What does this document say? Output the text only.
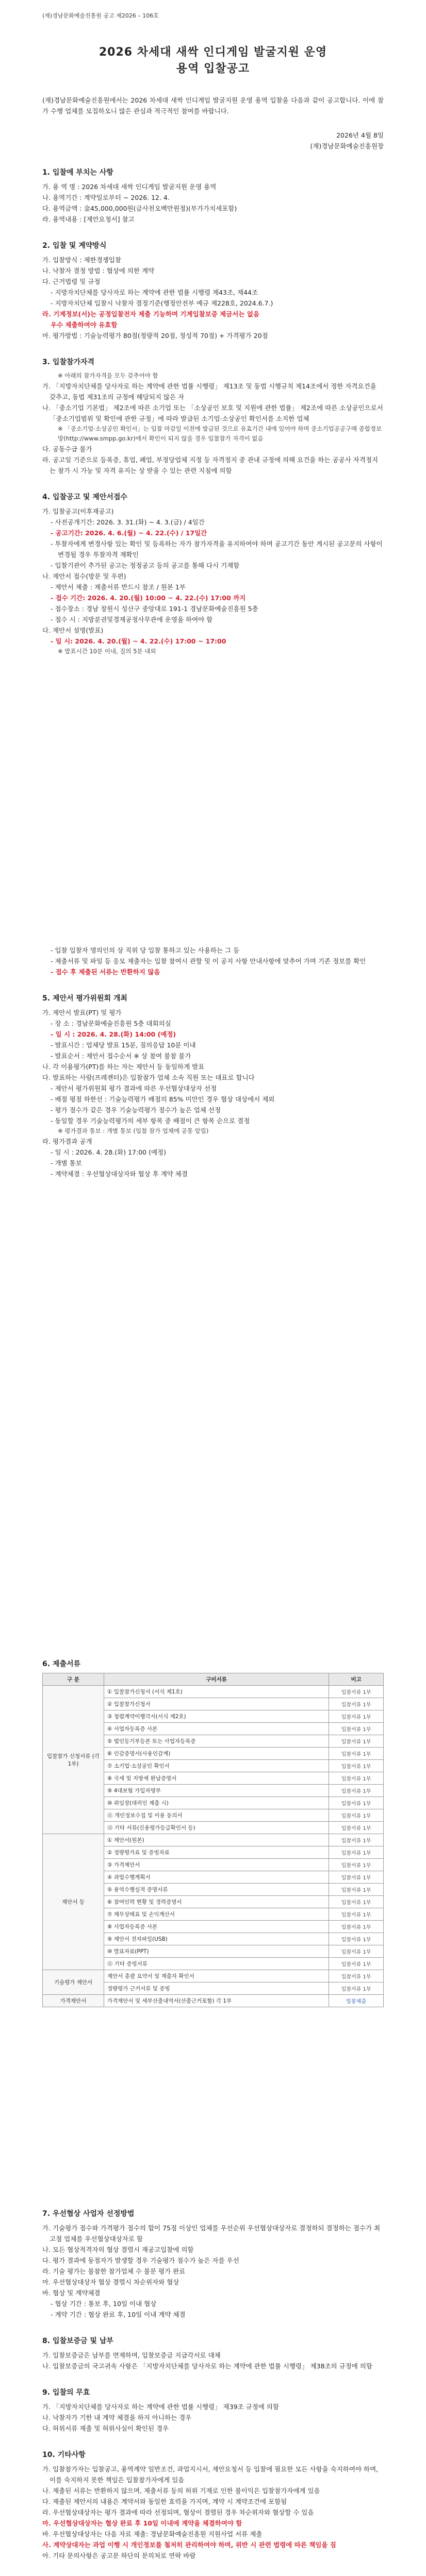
(재)경남문화예술진흥원 공고 제2026 – 106호
2026 차세대 새싹 인디게임 발굴지원 운영
용역 입찰공고

(재)경남문화예술진흥원에서는 2026 차세대 새싹 인디게임 발굴지원 운영 용역 입찰을 다음과 같이 공고합니다. 이에 참가 수행 업체를 모집하오니 많은 관심과 적극적인 참여를 바랍니다.

2026년 4월 8일
(재)경남문화예술진흥원장
1. 입찰에 부치는 사항
가. 용 역 명 : 2026 차세대 새싹 인디게임 발굴지원 운영 용역
나. 용역기간 : 계약일로부터 ~ 2026. 12. 4.
다. 용역금액 : 金45,000,000원(금사천오백만원정)(부가가치세포함)
라. 용역내용 : [제안요청서] 참고
2. 입찰 및 계약방식
가. 입찰방식 : 제한경쟁입찰
나. 낙찰자 결정 방법 : 협상에 의한 계약
다. 근거법령 및 규정
- 지방자치단체를 당사자로 하는 계약에 관한 법률 시행령 제43조, 제44조
- 지방자치단체 입찰시 낙찰자 결정기준(행정안전부 예규 제228호, 2024.6.7.)
라. 기계정보(서)는 공정입찰전자 제출 기능하며 기계입찰보증 제금서는 없음
우수 제출하여야 유효함
마. 평가방법 : 기술능력평가 80점(정량적 20점, 정성적 70점) + 가격평가 20점
3. 입찰참가자격
※ 아래의 참가자격을 모두 갖추어야 함
가. 「지방자치단체를 당사자로 하는 계약에 관한 법률 시행령」 제13조 및 동법 시행규칙 제14조에서 정한 자격요건을 갖추고, 동법 제31조의 규정에 해당되지 않은 자
나. 「중소기업 기본법」 제2조에 따른 소기업 또는 「소상공인 보호 및 지원에 관한 법률」 제2조에 따른 소상공인으로서 「중소기업범위 및 확인에 관한 규정」에 따라 발급된 소기업·소상공인 확인서를 소지한 업체
※ 「중소기업·소상공인 확인서」는 입찰 마감일 이전에 발급된 것으로 유효기간 내에 있어야 하며 중소기업공공구매 종합정보망(http://www.smpp.go.kr)에서 확인이 되지 않을 경우 입찰참가 자격이 없음
다. 공동수급 불가
라. 공고일 기준으로 등록증, 휴업, 폐업, 부정당업체 지정 등 자격정지 중 관내 규정에 의해 요건을 하는 공공사 자격정지는 참가 시 가능 및 자격 유지는 상 받을 수 있는 관련 지침에 의함
4. 입찰공고 및 제안서접수
가. 입찰공고(이후재공고)
- 사전공개기간: 2026. 3. 31.(화) ~ 4. 3.(금) / 4일간
- 공고기간: 2026. 4. 6.(월) ~ 4. 22.(수) / 17일간
- 투찰자에게 변경사항 있는 확인 및 등록하는 자가 참가자격을 유지하여야 하며 공고기간 동안 게시된 공고문의 사항이 변경될 경우 투찰자격 재확인
- 입찰기관이 추가된 공고는 정정공고 등의 공고를 통해 다시 기재함
나. 제안서 접수(방문 및 우편)
- 제안서 제출 : 제출서류 반드시 참조 / 원본 1부
- 접수 기간: 2026. 4. 20.(월) 10:00 ~ 4. 22.(수) 17:00 까지
- 접수장소 : 경남 창원시 성산구 중앙대로 191-1 경남문화예술진흥원 5층
- 접수 시 : 지방분권및경제공정사무관에 운영을 하여야 함
다. 제안서 설명(발표)
- 일 시: 2026. 4. 20.(월) ~ 4. 22.(수) 17:00 ~ 17:00
※ 발표시간 10분 이내, 질의 5분 내외
- 입찰 입찰자 명의인의 상 직위 당 입찰 통하고 있는 사용하는 그 등
- 제출서류 및 파일 등 응모 제출자는 입찰 참여시 관할 및 이 공지 사항 안내사항에 맞추어 가며 기존 정보를 확인
- 접수 후 제출된 서류는 반환하지 않음
5. 제안서 평가위원회 개최
가. 제안서 발표(PT) 및 평가
- 장 소 : 경남문화예술진흥원 5층 대회의실
- 일 시 : 2026. 4. 28.(화) 14:00 (예정)
- 발표시간 : 업체당 발표 15분, 질의응답 10분 이내
- 발표순서 : 제안서 접수순서 ※ 상 참여 불참 불가
나. 각 이용평가(PT)를 하는 자는 제안서 등 동일하게 발표
다. 발표하는 사람(프레젠터)은 입찰참가 업체 소속 직원 또는 대표로 합니다
- 제안서 평가위원회 평가 결과에 따른 우선협상대상자 선정
- 배점 평점 하한선 : 기술능력평가 배점의 85% 미만인 경우 협상 대상에서 제외
- 평가 점수가 같은 경우 기술능력평가 점수가 높은 업체 선정
- 동일할 경우 기술능력평가의 세부 항목 중 배점이 큰 항목 순으로 결정
※ 평가결과 통보 : 개별 통보 (입찰 참가 업체에 공통 알림)
라. 평가결과 공개
- 일 시 : 2026. 4. 28.(화) 17:00 (예정)
- 개별 통보
- 계약체결 : 우선협상대상자와 협상 후 계약 체결
6. 제출서류
구 분	구비서류	비고
입찰참가 신청서류 (각 1부)	① 입찰참가신청서 (서식 제1호)	입찰서류 1부
	② 입찰참가신청서	입찰서류 1부
	③ 청렴계약이행각서(서식 제2호)	입찰서류 1부
	④ 사업자등록증 사본	입찰서류 1부
	⑤ 법인등기부등본 또는 사업자등록증	입찰서류 1부
	⑥ 인감증명서(사용인감계)	입찰서류 1부
	⑦ 소기업·소상공인 확인서	입찰서류 1부
	⑧ 국세 및 지방세 완납증명서	입찰서류 1부
	⑨ 4대보험 가입자명부	입찰서류 1부
	⑩ 위임장(대리인 제출 시)	입찰서류 1부
	⑪ 개인정보수집 및 이용 동의서	입찰서류 1부
	⑫ 기타 서류(신용평가등급확인서 등)	입찰서류 1부
제안서 등	① 제안서(원본)	입찰서류 1부
	② 정량평가표 및 증빙자료	입찰서류 1부
	③ 가격제안서	입찰서류 1부
	④ 과업수행계획서	입찰서류 1부
	⑤ 용역수행실적 증명서류	입찰서류 1부
	⑥ 참여인력 현황 및 경력증명서	입찰서류 1부
	⑦ 재무상태표 및 손익계산서	입찰서류 1부
	⑧ 사업자등록증 사본	입찰서류 1부
	⑨ 제안서 전자파일(USB)	입찰서류 1부
	⑩ 발표자료(PPT)	입찰서류 1부
	⑪ 기타 증빙서류	입찰서류 1부
기술평가 제안서	제안서 총괄 요약서 및 제출자 확인서	입찰서류 1부
	정량평가 근거서류 및 증빙	입찰서류 1부
가격제안서	가격제안서 및 세부산출내역서(산출근거포함) 각 1부	밀봉제출
7. 우선협상 사업자 선정방법
가. 기술평가 점수와 가격평가 점수의 합이 75점 이상인 업체를 우선순위 우선협상대상자로 결정하되 결정하는 점수가 최고점 업체를 우선협상대상자로 함
나. 모든 협상적격자의 협상 결렬시 재공고입찰에 의함
다. 평가 결과에 동점자가 발생할 경우 기술평가 점수가 높은 자를 우선
라. 기술 평가는 불참한 참가업체 수 불문 평가 완료
마. 우선협상대상자 협상 결렬시 차순위자와 협상
바. 협상 및 계약체결
- 협상 기간 : 통보 후, 10일 이내 협상
- 계약 기간 : 협상 완료 후, 10일 이내 계약 체결
8. 입찰보증금 및 납부
가. 입찰보증금은 납부를 면제하며, 입찰보증금 지급각서로 대체
나. 입찰보증금의 국고귀속 사항은 「지방자치단체를 당사자로 하는 계약에 관한 법률 시행령」 제38조의 규정에 의함
9. 입찰의 무효
가. 「지방자치단체를 당사자로 하는 계약에 관한 법률 시행령」 제39조 규정에 의함
나. 낙찰자가 기한 내 계약 체결을 하지 아니하는 경우
다. 허위서류 제출 및 허위사실이 확인된 경우
10. 기타사항
가. 입찰참가자는 입찰공고, 용역계약 일반조건, 과업지시서, 제안요청서 등 입찰에 필요한 모든 사항을 숙지하여야 하며, 이를 숙지하지 못한 책임은 입찰참가자에게 있음
나. 제출된 서류는 반환하지 않으며, 제출서류 등의 허위 기재로 인한 불이익은 입찰참가자에게 있음
다. 제출된 제안서의 내용은 계약서와 동일한 효력을 가지며, 계약 시 계약조건에 포함됨
라. 우선협상대상자는 평가 결과에 따라 선정되며, 협상이 결렬된 경우 차순위자와 협상할 수 있음
마. 우선협상대상자는 협상 완료 후 10일 이내에 계약을 체결하여야 함
바. 우선협상대상자는 다음 자료 제출: 경남문화예술진흥원 지원사업 서류 제출
사. 계약상대자는 과업 이행 시 개인정보를 철저히 관리하여야 하며, 위반 시 관련 법령에 따른 책임을 짐
아. 기타 문의사항은 공고문 하단의 문의처로 연락 바람
